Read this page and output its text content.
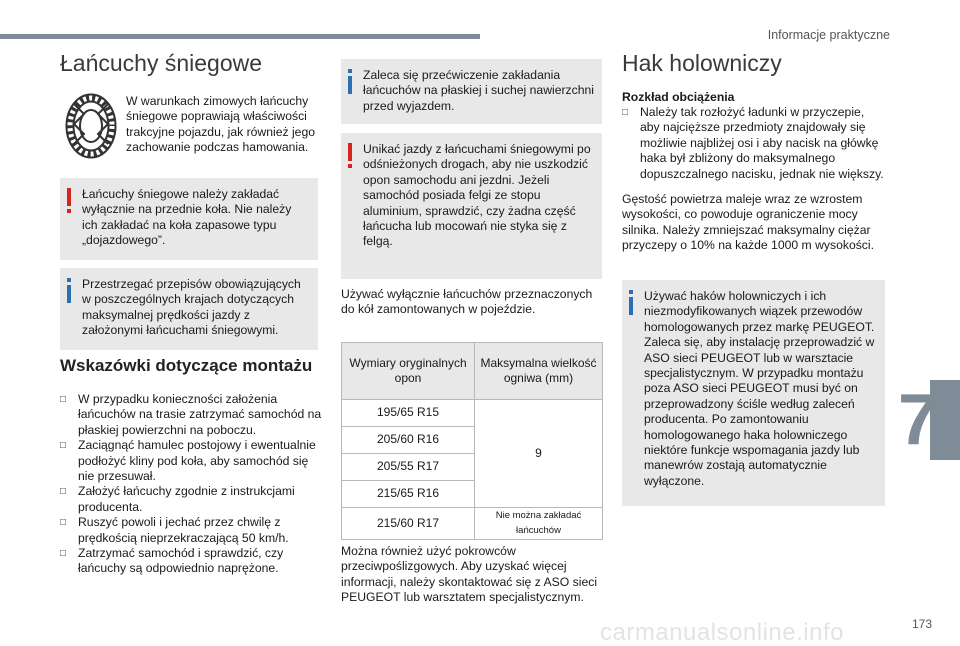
Informacje praktyczne
Łańcuchy śniegowe

W warunkach zimowych łańcuchy śniegowe poprawiają właściwości trakcyjne pojazdu, jak również jego zachowanie podczas hamowania.

Łańcuchy śniegowe należy zakładać wyłącznie na przednie koła. Nie należy ich zakładać na koła zapasowe typu „dojazdowego”.

Przestrzegać przepisów obowiązujących w poszczególnych krajach dotyczących maksymalnej prędkości jazdy z założonymi łańcuchami śniegowymi.

Wskazówki dotyczące montażu
□ W przypadku konieczności założenia łańcuchów na trasie zatrzymać samochód na płaskiej powierzchni na poboczu.
□ Zaciągnąć hamulec postojowy i ewentualnie podłożyć kliny pod koła, aby samochód się nie przesuwał.
□ Założyć łańcuchy zgodnie z instrukcjami producenta.
□ Ruszyć powoli i jechać przez chwilę z prędkością nieprzekraczającą 50 km/h.
□ Zatrzymać samochód i sprawdzić, czy łańcuchy są odpowiednio naprężone.

Zaleca się przećwiczenie zakładania łańcuchów na płaskiej i suchej nawierzchni przed wyjazdem.

Unikać jazdy z łańcuchami śniegowymi po odśnieżonych drogach, aby nie uszkodzić opon samochodu ani jezdni. Jeżeli samochód posiada felgi ze stopu aluminium, sprawdzić, czy żadna część łańcucha lub mocowań nie styka się z felgą.

Używać wyłącznie łańcuchów przeznaczonych do kół zamontowanych w pojeździe.

Wymiary oryginalnych opon	Maksymalna wielkość ogniwa (mm)
195/65 R15	9
205/60 R16	
205/55 R17	
215/65 R16	
215/60 R17	Nie można zakładać łańcuchów

Można również użyć pokrowców przeciwpoślizgowych. Aby uzyskać więcej informacji, należy skontaktować się z ASO sieci PEUGEOT lub warsztatem specjalistycznym.

Hak holowniczy

Rozkład obciążenia

□ Należy tak rozłożyć ładunki w przyczepie, aby najcięższe przedmioty znajdowały się możliwie najbliżej osi i aby nacisk na główkę haka był zbliżony do maksymalnego dopuszczalnego nacisku, jednak nie większy.

Gęstość powietrza maleje wraz ze wzrostem wysokości, co powoduje ograniczenie mocy silnika. Należy zmniejszać maksymalny ciężar przyczepy o 10% na każde 1000 m wysokości.

Używać haków holowniczych i ich niezmodyfikowanych wiązek przewodów homologowanych przez markę PEUGEOT. Zaleca się, aby instalację przeprowadzić w ASO sieci PEUGEOT lub w warsztacie specjalistycznym. W przypadku montażu poza ASO sieci PEUGEOT musi być on przeprowadzony ściśle według zaleceń producenta. Po zamontowaniu homologowanego haka holowniczego niektóre funkcje wspomagania jazdy lub manewrów zostają automatycznie wyłączone.

7
carmanualsonline.info	173
